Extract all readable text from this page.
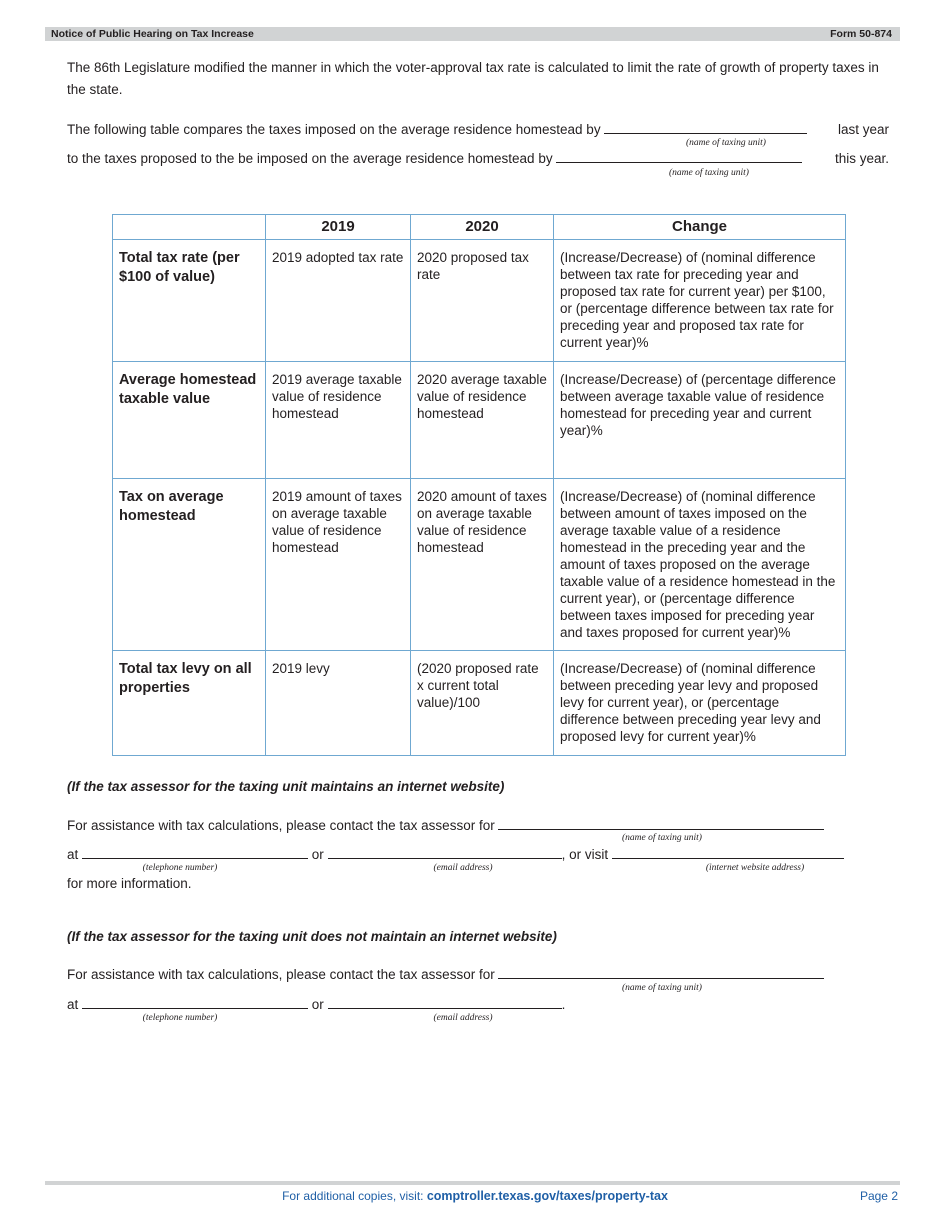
Notice of Public Hearing on Tax Increase	Form 50-874

The 86th Legislature modified the manner in which the voter-approval tax rate is calculated to limit the rate of growth of property taxes in the state.

The following table compares the taxes imposed on the average residence homestead by	last year
(name of taxing unit)
to the taxes proposed to the be imposed on the average residence homestead by	this year.
(name of taxing unit)
	2019	2020	Change
Total tax rate (per $100 of value)	2019 adopted tax rate	2020 proposed tax rate	(Increase/Decrease) of (nominal difference between tax rate for preceding year and proposed tax rate for current year) per $100, or (percentage difference between tax rate for preceding year and proposed tax rate for current year)%
Average homestead taxable value	2019 average taxable value of residence homestead	2020 average taxable value of residence homestead	(Increase/Decrease) of (percentage difference between average taxable value of residence homestead for preceding year and current year)%
Tax on average homestead	2019 amount of taxes on average taxable value of residence homestead	2020 amount of taxes on average taxable value of residence homestead	(Increase/Decrease) of (nominal difference between amount of taxes imposed on the average taxable value of a residence homestead in the preceding year and the amount of taxes proposed on the average taxable value of a residence homestead in the current year), or (percentage difference between taxes imposed for preceding year and taxes proposed for current year)%
Total tax levy on all properties	2019 levy	(2020 proposed rate x current total value)/100	(Increase/Decrease) of (nominal difference between preceding year levy and proposed levy for current year), or (percentage difference between preceding year levy and proposed levy for current year)%
(If the tax assessor for the taxing unit maintains an internet website)
For assistance with tax calculations, please contact the tax assessor for
(name of taxing unit)
at	or	, or visit
(telephone number)	(email address)	(internet website address)
for more information.
(If the tax assessor for the taxing unit does not maintain an internet website)
For assistance with tax calculations, please contact the tax assessor for
(name of taxing unit)
at	or	.
(telephone number)	(email address)
For additional copies, visit: comptroller.texas.gov/taxes/property-tax	Page 2
